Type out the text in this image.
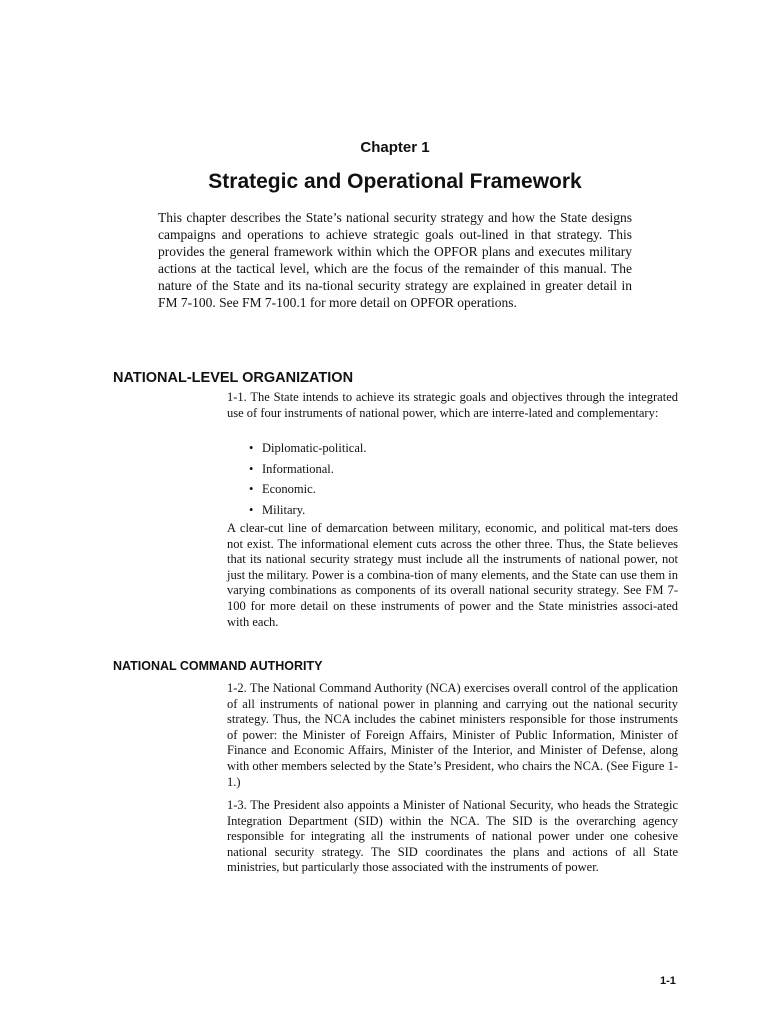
Chapter 1
Strategic and Operational Framework

This chapter describes the State’s national security strategy and how the State designs campaigns and operations to achieve strategic goals out-lined in that strategy. This provides the general framework within which the OPFOR plans and executes military actions at the tactical level, which are the focus of the remainder of this manual. The nature of the State and its na-tional security strategy are explained in greater detail in FM 7-100. See FM 7-100.1 for more detail on OPFOR operations.

NATIONAL-LEVEL ORGANIZATION

1-1. The State intends to achieve its strategic goals and objectives through the integrated use of four instruments of national power, which are interre-lated and complementary:

• Diplomatic-political.
• Informational.
• Economic.
• Military.

A clear-cut line of demarcation between military, economic, and political mat-ters does not exist. The informational element cuts across the other three. Thus, the State believes that its national security strategy must include all the instruments of national power, not just the military. Power is a combina-tion of many elements, and the State can use them in varying combinations as components of its overall national security strategy. See FM 7-100 for more detail on these instruments of power and the State ministries associ-ated with each.

NATIONAL COMMAND AUTHORITY

1-2. The National Command Authority (NCA) exercises overall control of the application of all instruments of national power in planning and carrying out the national security strategy. Thus, the NCA includes the cabinet ministers responsible for those instruments of power: the Minister of Foreign Affairs, Minister of Public Information, Minister of Finance and Economic Affairs, Minister of the Interior, and Minister of Defense, along with other members selected by the State’s President, who chairs the NCA. (See Figure 1-1.)

1-3. The President also appoints a Minister of National Security, who heads the Strategic Integration Department (SID) within the NCA. The SID is the overarching agency responsible for integrating all the instruments of national power under one cohesive national security strategy. The SID coordinates the plans and actions of all State ministries, but particularly those associated with the instruments of power.

1-1
